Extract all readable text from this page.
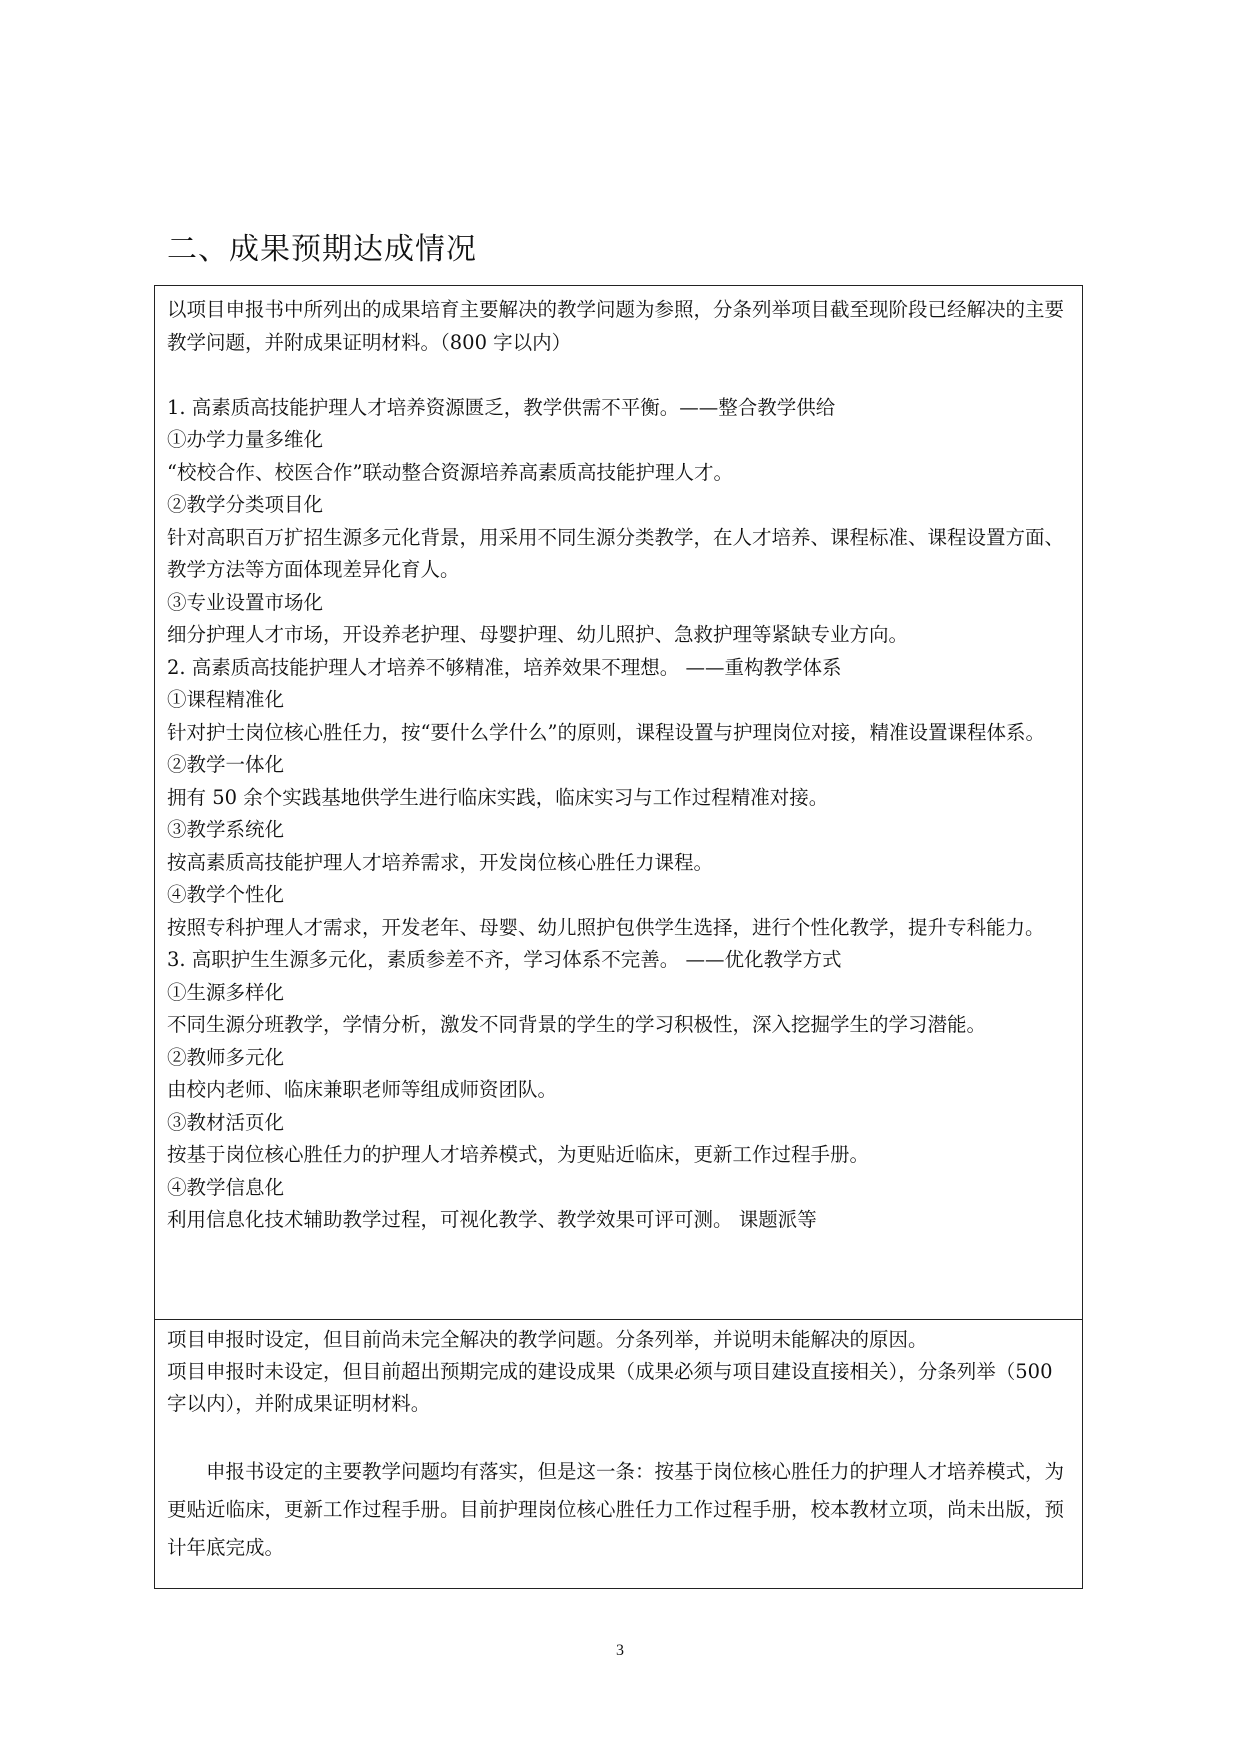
二、成果预期达成情况

以项目申报书中所列出的成果培育主要解决的教学问题为参照，分条列举项目截至现阶段已经解决的主要教学问题，并附成果证明材料。（800 字以内）

1. 高素质高技能护理人才培养资源匮乏，教学供需不平衡。——整合教学供给

①办学力量多维化

“校校合作、校医合作”联动整合资源培养高素质高技能护理人才。

②教学分类项目化

针对高职百万扩招生源多元化背景，用采用不同生源分类教学，在人才培养、课程标准、课程设置方面、教学方法等方面体现差异化育人。

③专业设置市场化

细分护理人才市场，开设养老护理、母婴护理、幼儿照护、急救护理等紧缺专业方向。

2. 高素质高技能护理人才培养不够精准，培养效果不理想。 ——重构教学体系

①课程精准化

针对护士岗位核心胜任力，按“要什么学什么”的原则，课程设置与护理岗位对接，精准设置课程体系。

②教学一体化

拥有 50 余个实践基地供学生进行临床实践，临床实习与工作过程精准对接。

③教学系统化

按高素质高技能护理人才培养需求，开发岗位核心胜任力课程。

④教学个性化

按照专科护理人才需求，开发老年、母婴、幼儿照护包供学生选择，进行个性化教学，提升专科能力。

3. 高职护生生源多元化，素质参差不齐，学习体系不完善。 ——优化教学方式

①生源多样化

不同生源分班教学，学情分析，激发不同背景的学生的学习积极性，深入挖掘学生的学习潜能。

②教师多元化

由校内老师、临床兼职老师等组成师资团队。

③教材活页化

按基于岗位核心胜任力的护理人才培养模式，为更贴近临床，更新工作过程手册。

④教学信息化

利用信息化技术辅助教学过程，可视化教学、教学效果可评可测。 课题派等

项目申报时设定，但目前尚未完全解决的教学问题。分条列举，并说明未能解决的原因。

项目申报时未设定，但目前超出预期完成的建设成果（成果必须与项目建设直接相关），分条列举（500 字以内），并附成果证明材料。

申报书设定的主要教学问题均有落实，但是这一条：按基于岗位核心胜任力的护理人才培养模式，为更贴近临床，更新工作过程手册。目前护理岗位核心胜任力工作过程手册，校本教材立项，尚未出版，预计年底完成。

3
